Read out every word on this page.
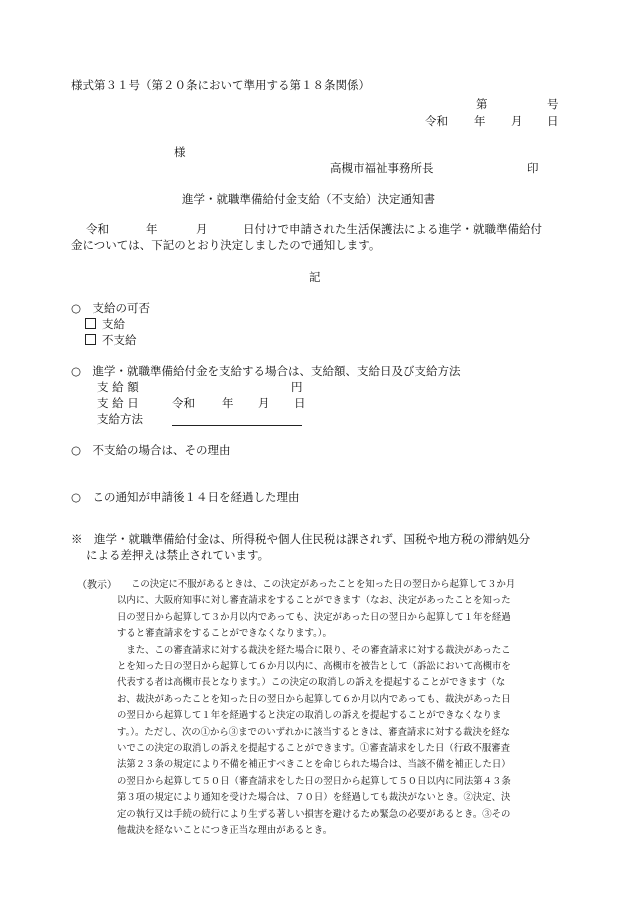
様式第３１号（第２０条において準用する第１８条関係）
第	号
令和 年 月 日
様
高槻市福祉事務所長	印
進学・就職準備給付金支給（不支給）決定通知書
令和	年	月	日付けで申請された生活保護法による進学・就職準備給付
金については、下記のとおり決定しましたので通知します。
記
○　支給の可否
支給
不支給
○　進学・就職準備給付金を支給する場合は、支給額、支給日及び支給方法
支 給 額	円
支 給 日	令和 年 月 日
支給方法
○　不支給の場合は、その理由
○　この通知が申請後１４日を経過した理由
※　進学・就職準備給付金は、所得税や個人住民税は課されず、国税や地方税の滞納処分
による差押えは禁止されています。
（教示）	この決定に不服があるときは、この決定があったことを知った日の翌日から起算して３か月
以内に、大阪府知事に対し審査請求をすることができます（なお、決定があったことを知った
日の翌日から起算して３か月以内であっても、決定があった日の翌日から起算して１年を経過
すると審査請求をすることができなくなります。）。
　また、この審査請求に対する裁決を経た場合に限り、その審査請求に対する裁決があったこ
とを知った日の翌日から起算して６か月以内に、高槻市を被告として（訴訟において高槻市を
代表する者は高槻市長となります。）この決定の取消しの訴えを提起することができます（な
お、裁決があったことを知った日の翌日から起算して６か月以内であっても、裁決があった日
の翌日から起算して１年を経過すると決定の取消しの訴えを提起することができなくなりま
す。）。ただし、次の①から③までのいずれかに該当するときは、審査請求に対する裁決を経な
いでこの決定の取消しの訴えを提起することができます。①審査請求をした日（行政不服審査
法第２３条の規定により不備を補正すべきことを命じられた場合は、当該不備を補正した日）
の翌日から起算して５０日（審査請求をした日の翌日から起算して５０日以内に同法第４３条
第３項の規定により通知を受けた場合は、７０日）を経過しても裁決がないとき。②決定、決
定の執行又は手続の続行により生ずる著しい損害を避けるため緊急の必要があるとき。③その
他裁決を経ないことにつき正当な理由があるとき。
